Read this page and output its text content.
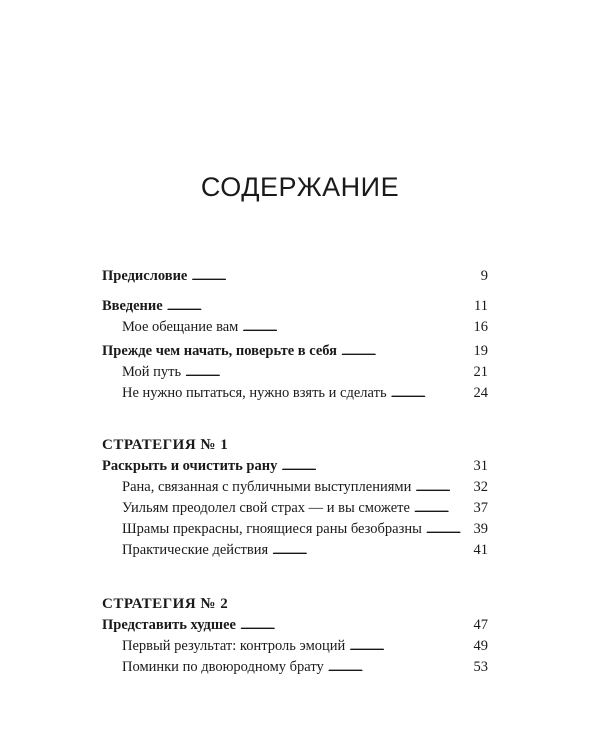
СОДЕРЖАНИЕ
Предисловие . . .	9
Введение . . .	11
Мое обещание вам . . .	16
Прежде чем начать, поверьте в себя . . .	19
Мой путь . . .	21
Не нужно пытаться, нужно взять и сделать . . .	24
СТРАТЕГИЯ № 1
Раскрыть и очистить рану . . .	31
Рана, связанная с публичными выступлениями . . .	32
Уильям преодолел свой страх — и вы сможете . . .	37
Шрамы прекрасны, гноящиеся раны безобразны . . .	39
Практические действия . . .	41
СТРАТЕГИЯ № 2
Представить худшее . . .	47
Первый результат: контроль эмоций . . .	49
Поминки по двоюродному брату . . .	53
